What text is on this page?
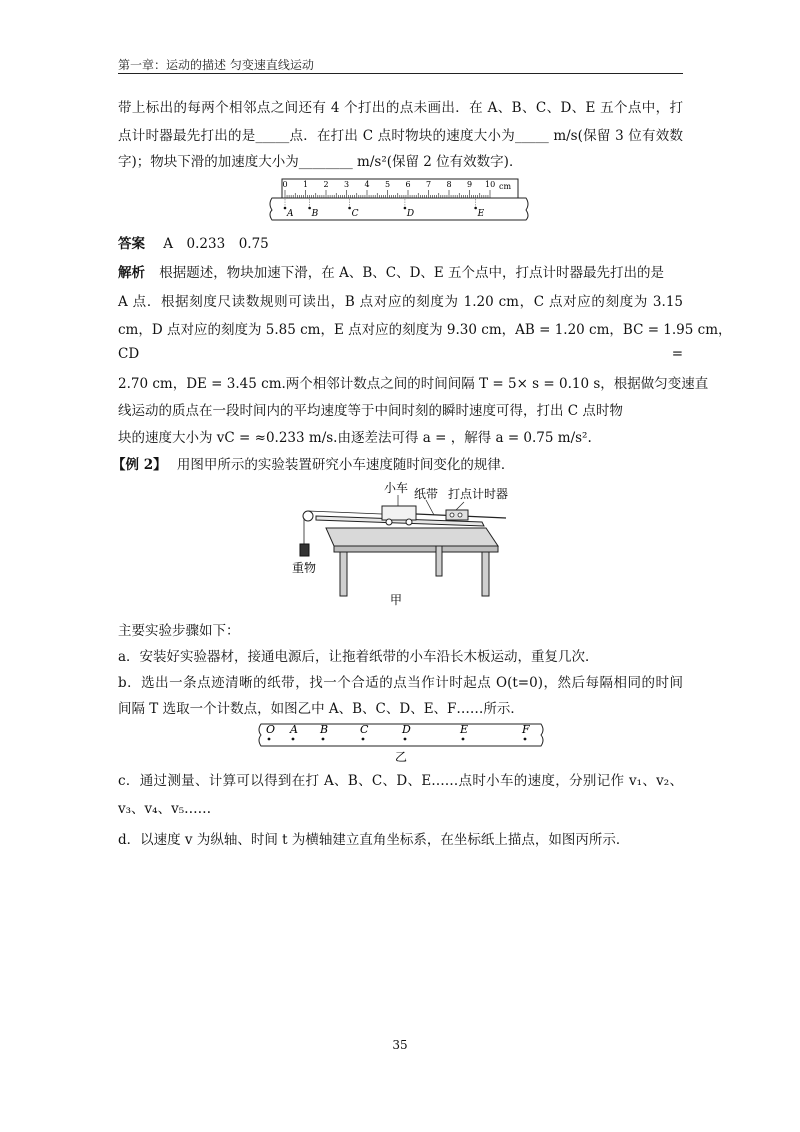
第一章：运动的描述 匀变速直线运动
带上标出的每两个相邻点之间还有 4 个打出的点未画出．在 A、B、C、D、E 五个点中，打
点计时器最先打出的是_____点．在打出 C 点时物块的速度大小为_____ m/s(保留 3 位有效数
字)；物块下滑的加速度大小为________ m/s²(保留 2 位有效数字)．
0 1 2 3 4 5 6 7 8 9 10 cm
A B	C	D	E
答案 A　0.233　0.75
解析 根据题述，物块加速下滑，在 A、B、C、D、E 五个点中，打点计时器最先打出的是
A 点．根据刻度尺读数规则可读出，B 点对应的刻度为 1.20 cm，C 点对应的刻度为 3.15
cm，D 点对应的刻度为 5.85 cm，E 点对应的刻度为 9.30 cm，AB = 1.20 cm，BC = 1.95 cm，
CD	=
2.70 cm，DE = 3.45 cm.两个相邻计数点之间的时间间隔 T = 5× s = 0.10 s，根据做匀变速直
线运动的质点在一段时间内的平均速度等于中间时刻的瞬时速度可得，打出 C 点时物
块的速度大小为 vC = ≈0.233 m/s.由逐差法可得 a = ，解得 a = 0.75 m/s².
【例 2】 用图甲所示的实验装置研究小车速度随时间变化的规律．
小车 纸带 打点计时器
重物
甲
主要实验步骤如下：
a．安装好实验器材，接通电源后，让拖着纸带的小车沿长木板运动，重复几次．
b．选出一条点迹清晰的纸带，找一个合适的点当作计时起点 O(t=0)，然后每隔相同的时间
间隔 T 选取一个计数点，如图乙中 A、B、C、D、E、F……所示．
O A B	C	D	E	F
乙
c．通过测量、计算可以得到在打 A、B、C、D、E……点时小车的速度，分别记作 v₁、v₂、
v₃、v₄、v₅……
d．以速度 v 为纵轴、时间 t 为横轴建立直角坐标系，在坐标纸上描点，如图丙所示．
35
